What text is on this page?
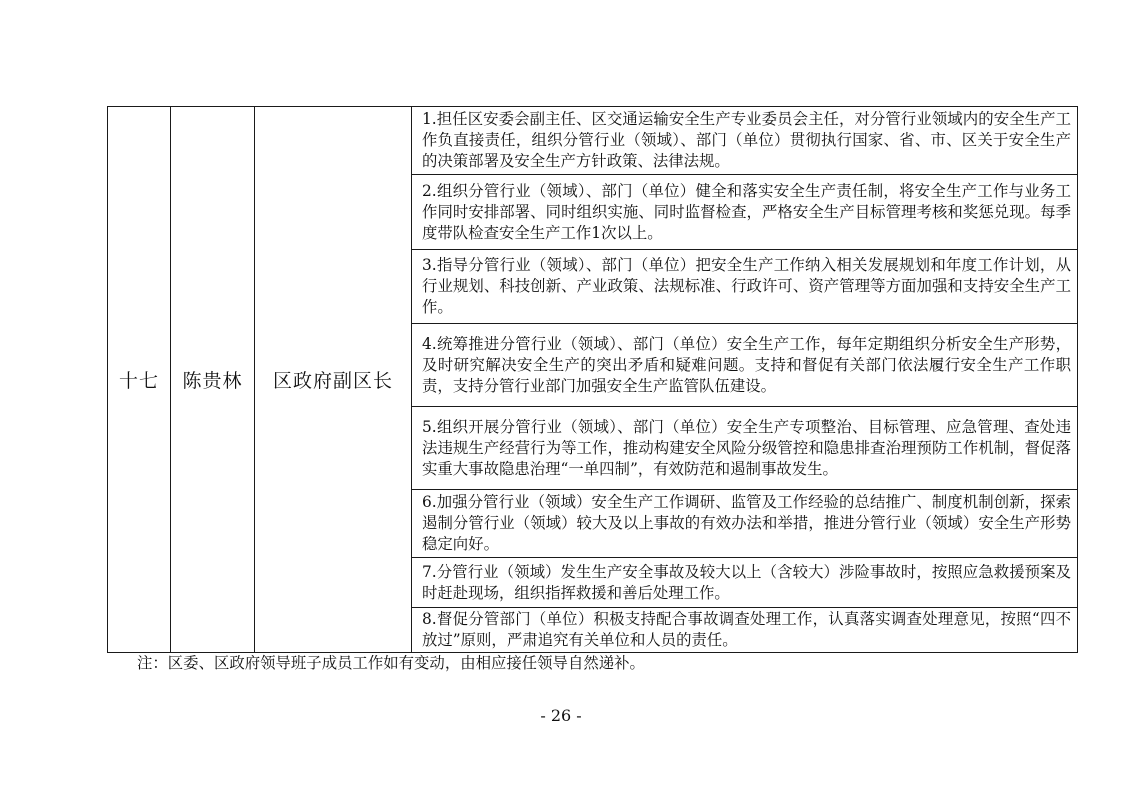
十七	陈贵林	区政府副区长	1.担任区安委会副主任、区交通运输安全生产专业委员会主任，对分管行业领域内的安全生产工作负直接责任，组织分管行业（领域）、部门（单位）贯彻执行国家、省、市、区关于安全生产的决策部署及安全生产方针政策、法律法规。
2.组织分管行业（领域）、部门（单位）健全和落实安全生产责任制，将安全生产工作与业务工作同时安排部署、同时组织实施、同时监督检查，严格安全生产目标管理考核和奖惩兑现。每季度带队检查安全生产工作1次以上。
3.指导分管行业（领域）、部门（单位）把安全生产工作纳入相关发展规划和年度工作计划，从行业规划、科技创新、产业政策、法规标准、行政许可、资产管理等方面加强和支持安全生产工作。
4.统筹推进分管行业（领域）、部门（单位）安全生产工作，每年定期组织分析安全生产形势，及时研究解决安全生产的突出矛盾和疑难问题。支持和督促有关部门依法履行安全生产工作职责，支持分管行业部门加强安全生产监管队伍建设。
5.组织开展分管行业（领域）、部门（单位）安全生产专项整治、目标管理、应急管理、查处违法违规生产经营行为等工作，推动构建安全风险分级管控和隐患排查治理预防工作机制，督促落实重大事故隐患治理“一单四制”，有效防范和遏制事故发生。
6.加强分管行业（领域）安全生产工作调研、监管及工作经验的总结推广、制度机制创新，探索遏制分管行业（领域）较大及以上事故的有效办法和举措，推进分管行业（领域）安全生产形势稳定向好。
7.分管行业（领域）发生生产安全事故及较大以上（含较大）涉险事故时，按照应急救援预案及时赶赴现场，组织指挥救援和善后处理工作。
8.督促分管部门（单位）积极支持配合事故调查处理工作，认真落实调查处理意见，按照“四不放过”原则，严肃追究有关单位和人员的责任。
注：区委、区政府领导班子成员工作如有变动，由相应接任领导自然递补。
- 26 -
